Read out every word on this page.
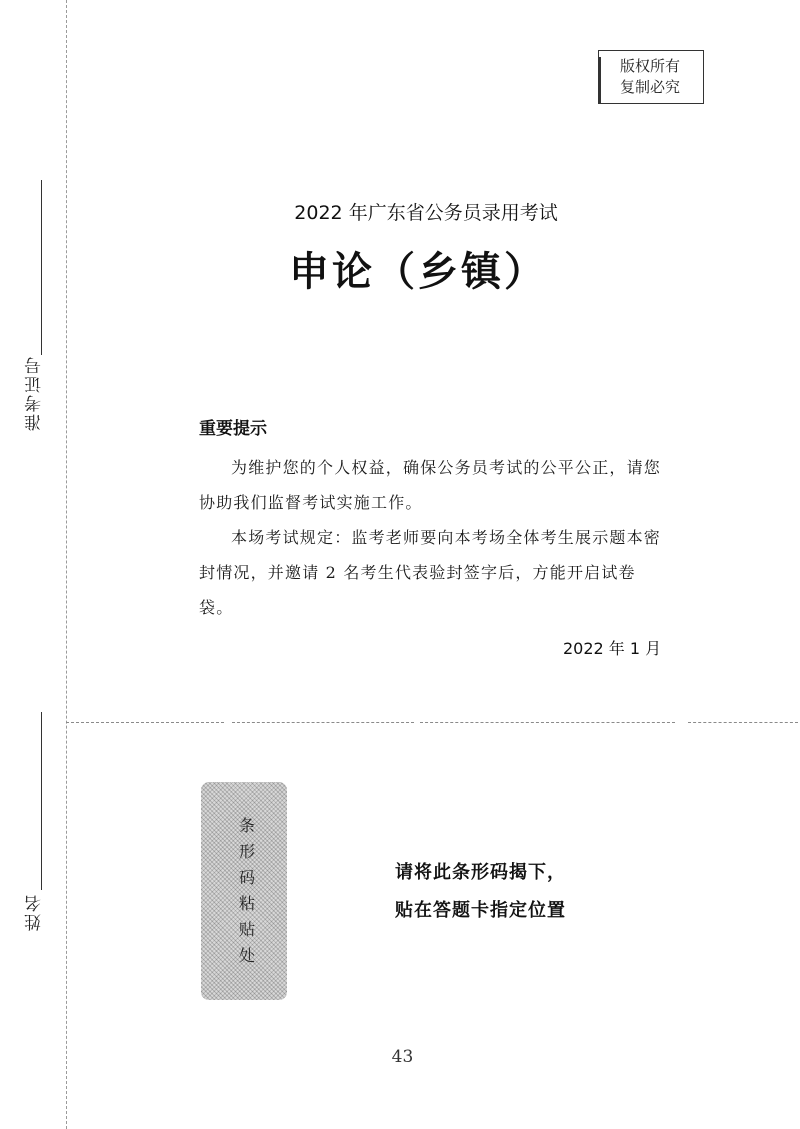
准考证号
姓名
版权所有
复制必究
2022 年广东省公务员录用考试
申论（乡镇）
重要提示
为维护您的个人权益，确保公务员考试的公平公正，请您协助我们监督考试实施工作。
本场考试规定：监考老师要向本考场全体考生展示题本密封情况，并邀请 2 名考生代表验封签字后，方能开启试卷袋。
2022 年 1 月
条
形
码
粘
贴
处
请将此条形码揭下，
贴在答题卡指定位置
43
